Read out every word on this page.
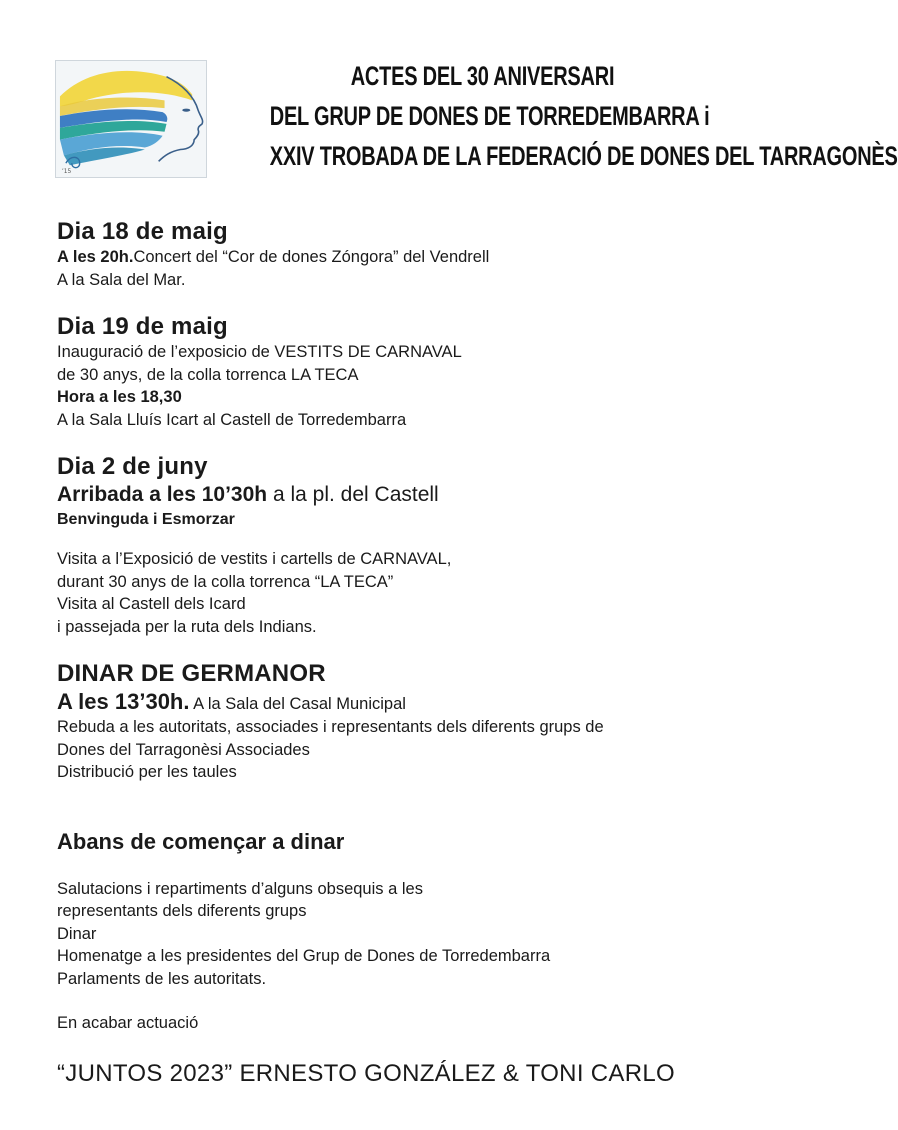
’15
ACTES DEL 30 ANIVERSARI
DEL GRUP DE DONES DE TORREDEMBARRA i
XXIV TROBADA DE LA FEDERACIÓ DE DONES DEL TARRAGONÈS

Dia 18 de maig

A les 20h.Concert del “Cor de dones Zóngora” del Vendrell

A la Sala del Mar.

Dia 19 de maig

Inauguració de l’exposicio de VESTITS DE CARNAVAL

de 30 anys, de la colla torrenca LA TECA

Hora a les 18,30

A la Sala Lluís Icart al Castell de Torredembarra

Dia 2 de juny

Arribada a les 10’30h a la pl. del Castell

Benvinguda i Esmorzar

Visita a l’Exposició de vestits i cartells de CARNAVAL,

durant 30 anys de la colla torrenca “LA TECA”

Visita al Castell dels Icard

i passejada per la ruta dels Indians.

DINAR DE GERMANOR

A les 13’30h. A la Sala del Casal Municipal

Rebuda a les autoritats, associades i representants dels diferents grups de

Dones del Tarragonèsi Associades

Distribució per les taules

Abans de començar a dinar

Salutacions i repartiments d’alguns obsequis a les

representants dels diferents grups

Dinar

Homenatge a les presidentes del Grup de Dones de Torredembarra

Parlaments de les autoritats.

En acabar actuació

“JUNTOS 2023” ERNESTO GONZÁLEZ & TONI CARLO
